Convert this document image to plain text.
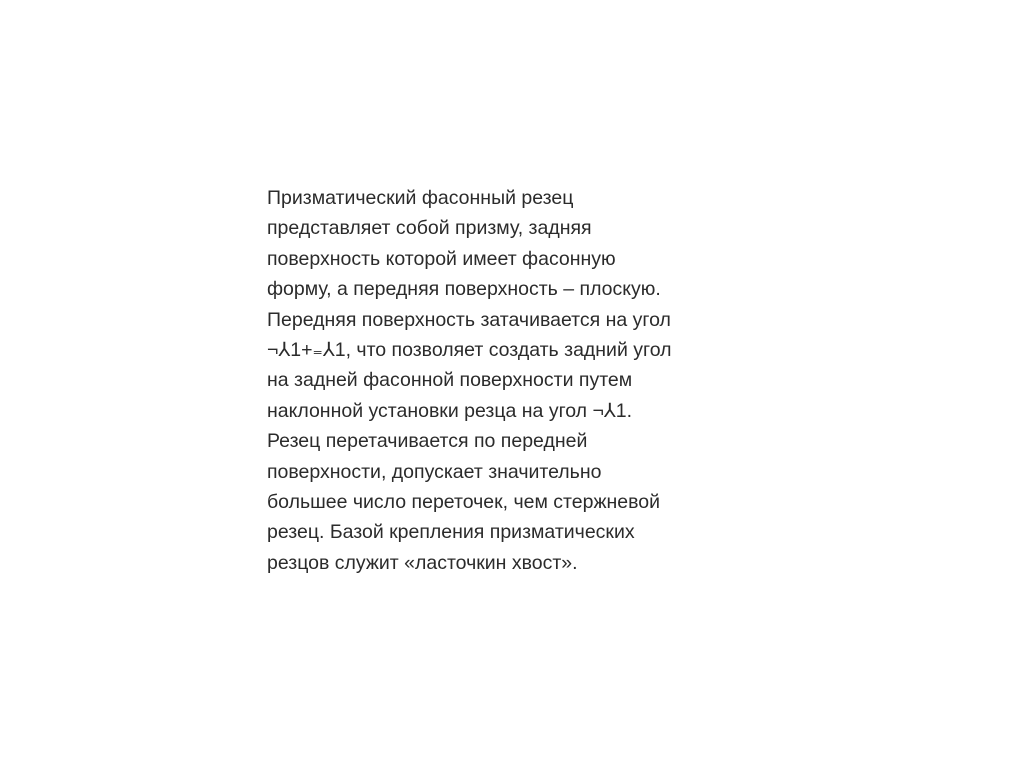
Призматический фасонный резец
представляет собой призму, задняя
поверхность которой имеет фасонную
форму, а передняя поверхность – плоскую.
Передняя поверхность затачивается на угол
¬⅄1+₌⅄1, что позволяет создать задний угол
на задней фасонной поверхности путем
наклонной установки резца на угол ¬⅄1.
Резец перетачивается по передней
поверхности, допускает значительно
большее число переточек, чем стержневой
резец. Базой крепления призматических
резцов служит «ласточкин хвост».
